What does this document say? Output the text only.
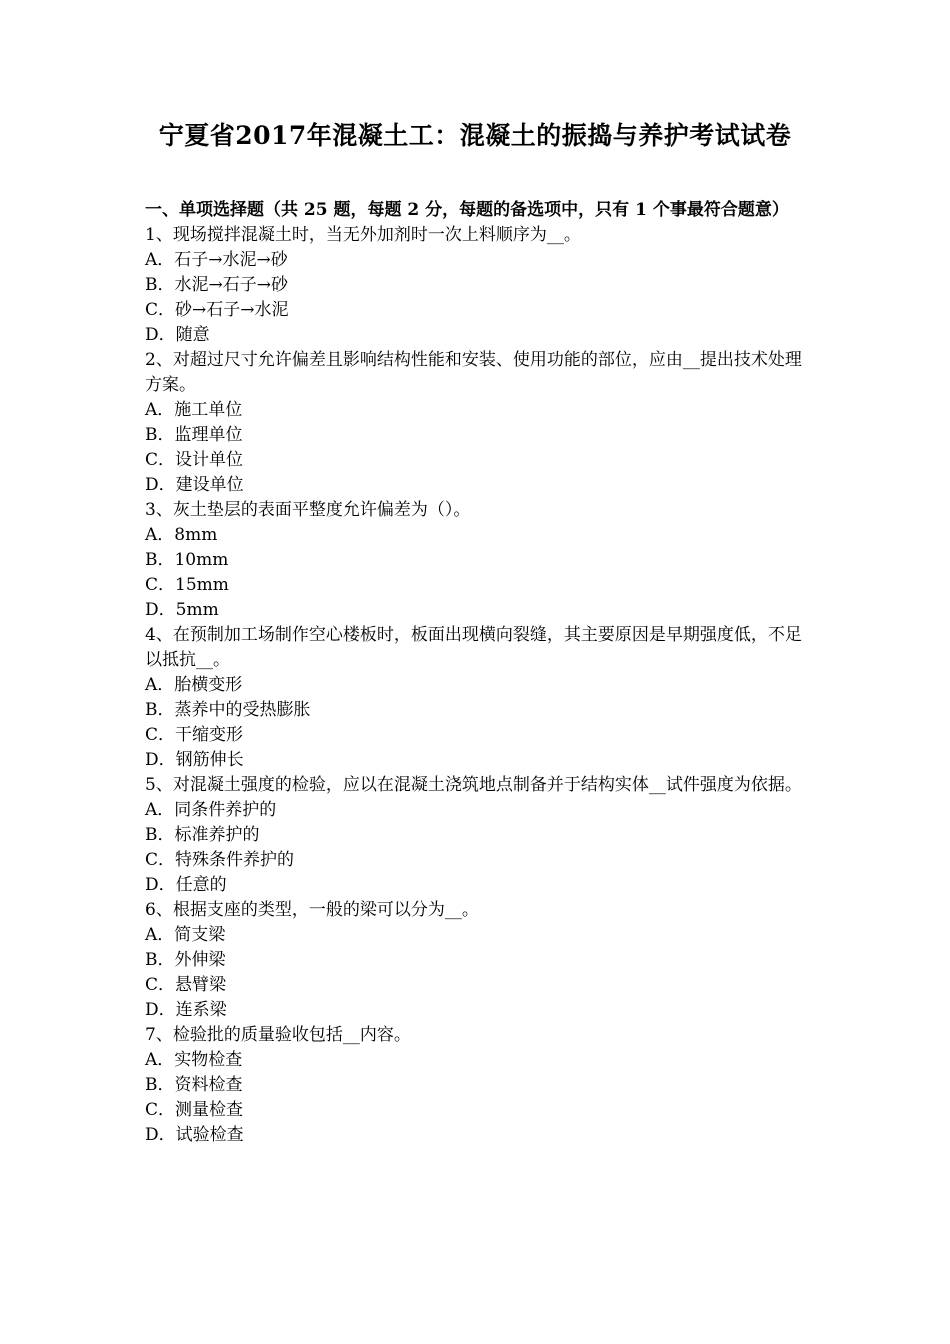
宁夏省2017年混凝土工：混凝土的振捣与养护考试试卷

一、单项选择题（共 25 题，每题 2 分，每题的备选项中，只有 1 个事最符合题意）

1、现场搅拌混凝土时，当无外加剂时一次上料顺序为__。

A．石子→水泥→砂

B．水泥→石子→砂

C．砂→石子→水泥

D．随意

2、对超过尺寸允许偏差且影响结构性能和安装、使用功能的部位，应由__提出技术处理方案。

A．施工单位

B．监理单位

C．设计单位

D．建设单位

3、灰土垫层的表面平整度允许偏差为（）。

A．8mm

B．10mm

C．15mm

D．5mm

4、在预制加工场制作空心楼板时，板面出现横向裂缝，其主要原因是早期强度低，不足以抵抗__。

A．胎横变形

B．蒸养中的受热膨胀

C．干缩变形

D．钢筋伸长

5、对混凝土强度的检验，应以在混凝土浇筑地点制备并于结构实体__试件强度为依据。

A．同条件养护的

B．标准养护的

C．特殊条件养护的

D．任意的

6、根据支座的类型，一般的梁可以分为__。

A．简支梁

B．外伸梁

C．悬臂梁

D．连系梁

7、检验批的质量验收包括__内容。

A．实物检查

B．资料检查

C．测量检查

D．试验检查
